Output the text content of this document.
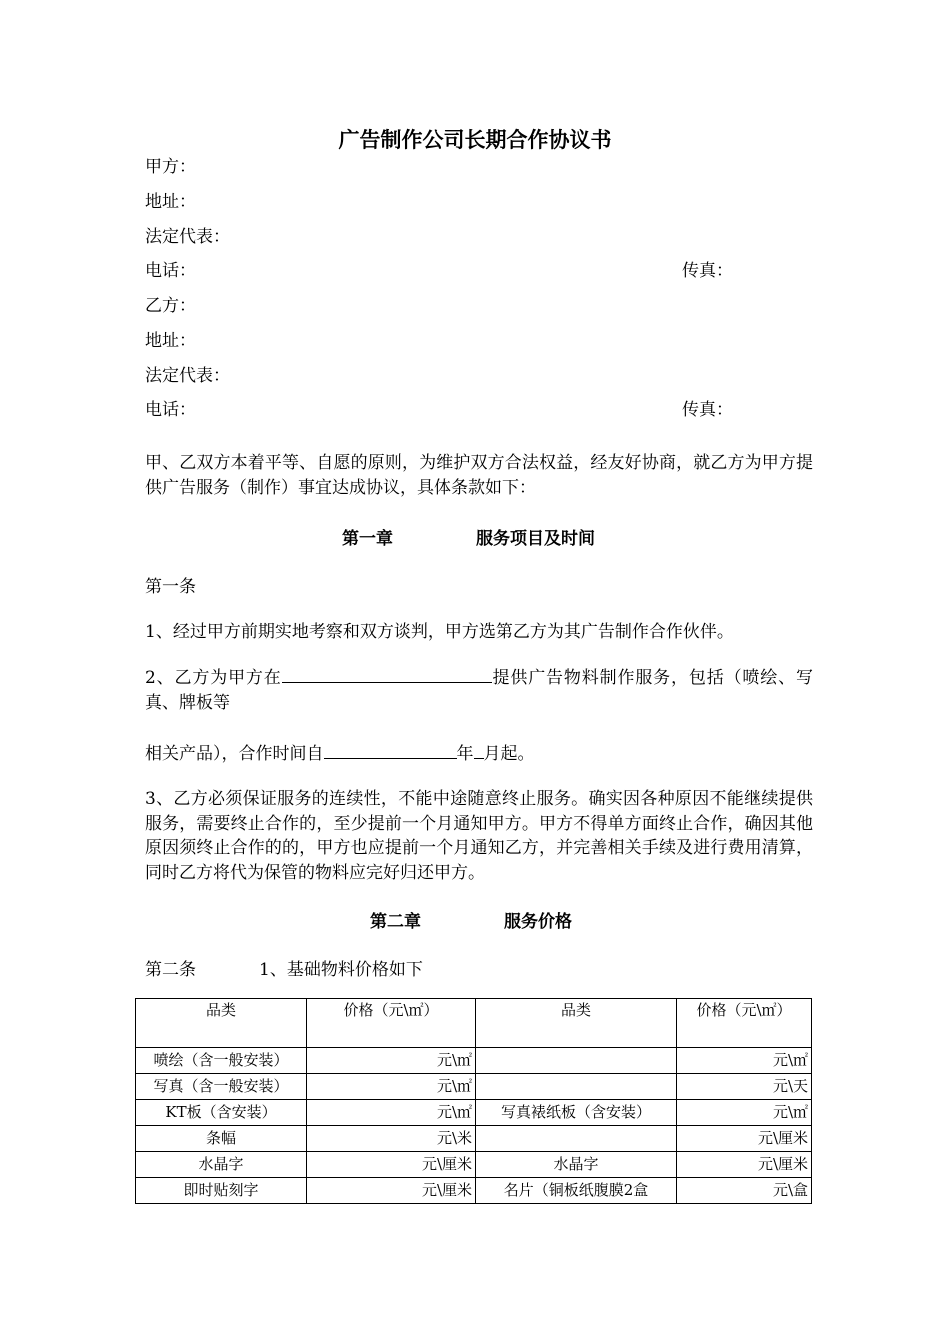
广告制作公司长期合作协议书
甲方：
地址：
法定代表：
电话：	传真：
乙方：
地址：
法定代表：
电话：	传真：
甲、乙双方本着平等、自愿的原则，为维护双方合法权益，经友好协商，就乙方为甲方提供广告服务（制作）事宜达成协议，具体条款如下：
第一章	服务项目及时间
第一条
1、经过甲方前期实地考察和双方谈判，甲方选第乙方为其广告制作合作伙伴。
2、乙方为甲方在	提供广告物料制作服务，包括（喷绘、写真、牌板等
相关产品），合作时间自	年 月起。
3、乙方必须保证服务的连续性，不能中途随意终止服务。确实因各种原因不能继续提供服务，需要终止合作的，至少提前一个月通知甲方。甲方不得单方面终止合作，确因其他原因须终止合作的的，甲方也应提前一个月通知乙方，并完善相关手续及进行费用清算，同时乙方将代为保管的物料应完好归还甲方。
第二章	服务价格
第二条	1、基础物料价格如下
品类	价格（元\㎡）	品类	价格（元\㎡）
喷绘（含一般安装）	元\㎡		元\㎡
写真（含一般安装）	元\㎡		元\天
KT板（含安装）	元\㎡	写真裱纸板（含安装）	元\㎡
条幅	元\米		元\厘米
水晶字	元\厘米	水晶字	元\厘米
即时贴刻字	元\厘米	名片（铜板纸腹膜2盒	元\盒
